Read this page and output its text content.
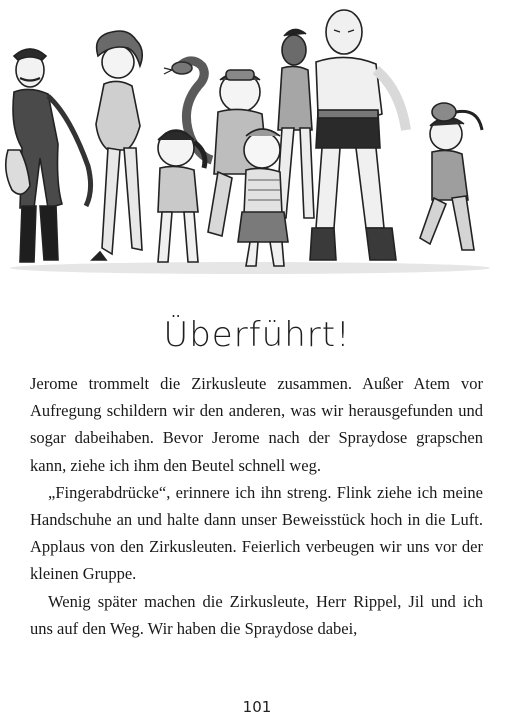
Überführt!

Jerome trommelt die Zirkusleute zusammen. Außer Atem vor Aufregung schildern wir den anderen, was wir herausgefunden und sogar dabeihaben. Bevor Jerome nach der Spraydose grapschen kann, ziehe ich ihm den Beutel schnell weg.

„Fingerabdrücke“, erinnere ich ihn streng. Flink ziehe ich meine Handschuhe an und halte dann unser Beweisstück hoch in die Luft. Applaus von den Zirkusleuten. Feierlich verbeugen wir uns vor der kleinen Gruppe.

Wenig später machen die Zirkusleute, Herr Rippel, Jil und ich uns auf den Weg. Wir haben die Spraydose dabei,

101
